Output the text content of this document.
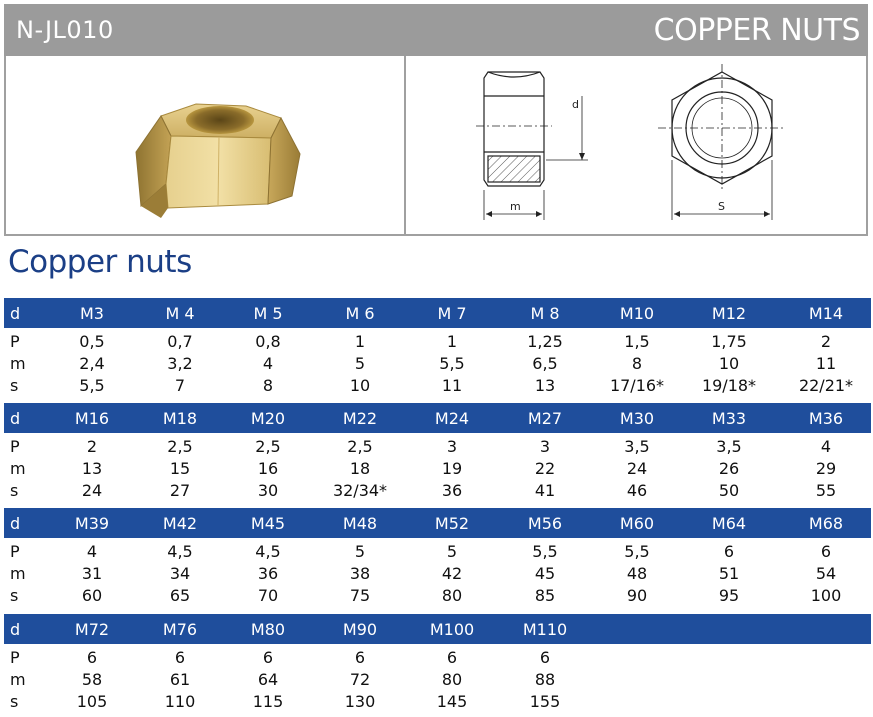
N-JL010	COPPER NUTS
d
m	S
Copper nuts
d	M3	M 4	M 5	M 6	M 7	M 8	M10	M12	M14
P	0,5	0,7	0,8	1	1	1,25	1,5	1,75	2
m	2,4	3,2	4	5	5,5	6,5	8	10	11
s	5,5	7	8	10	11	13	17/16*	19/18*	22/21*
d	M16	M18	M20	M22	M24	M27	M30	M33	M36
P	2	2,5	2,5	2,5	3	3	3,5	3,5	4
m	13	15	16	18	19	22	24	26	29
s	24	27	30	32/34*	36	41	46	50	55
d	M39	M42	M45	M48	M52	M56	M60	M64	M68
P	4	4,5	4,5	5	5	5,5	5,5	6	6
m	31	34	36	38	42	45	48	51	54
s	60	65	70	75	80	85	90	95	100
d	M72	M76	M80	M90	M100	M110
P	6	6	6	6	6	6
m	58	61	64	72	80	88
s	105	110	115	130	145	155
